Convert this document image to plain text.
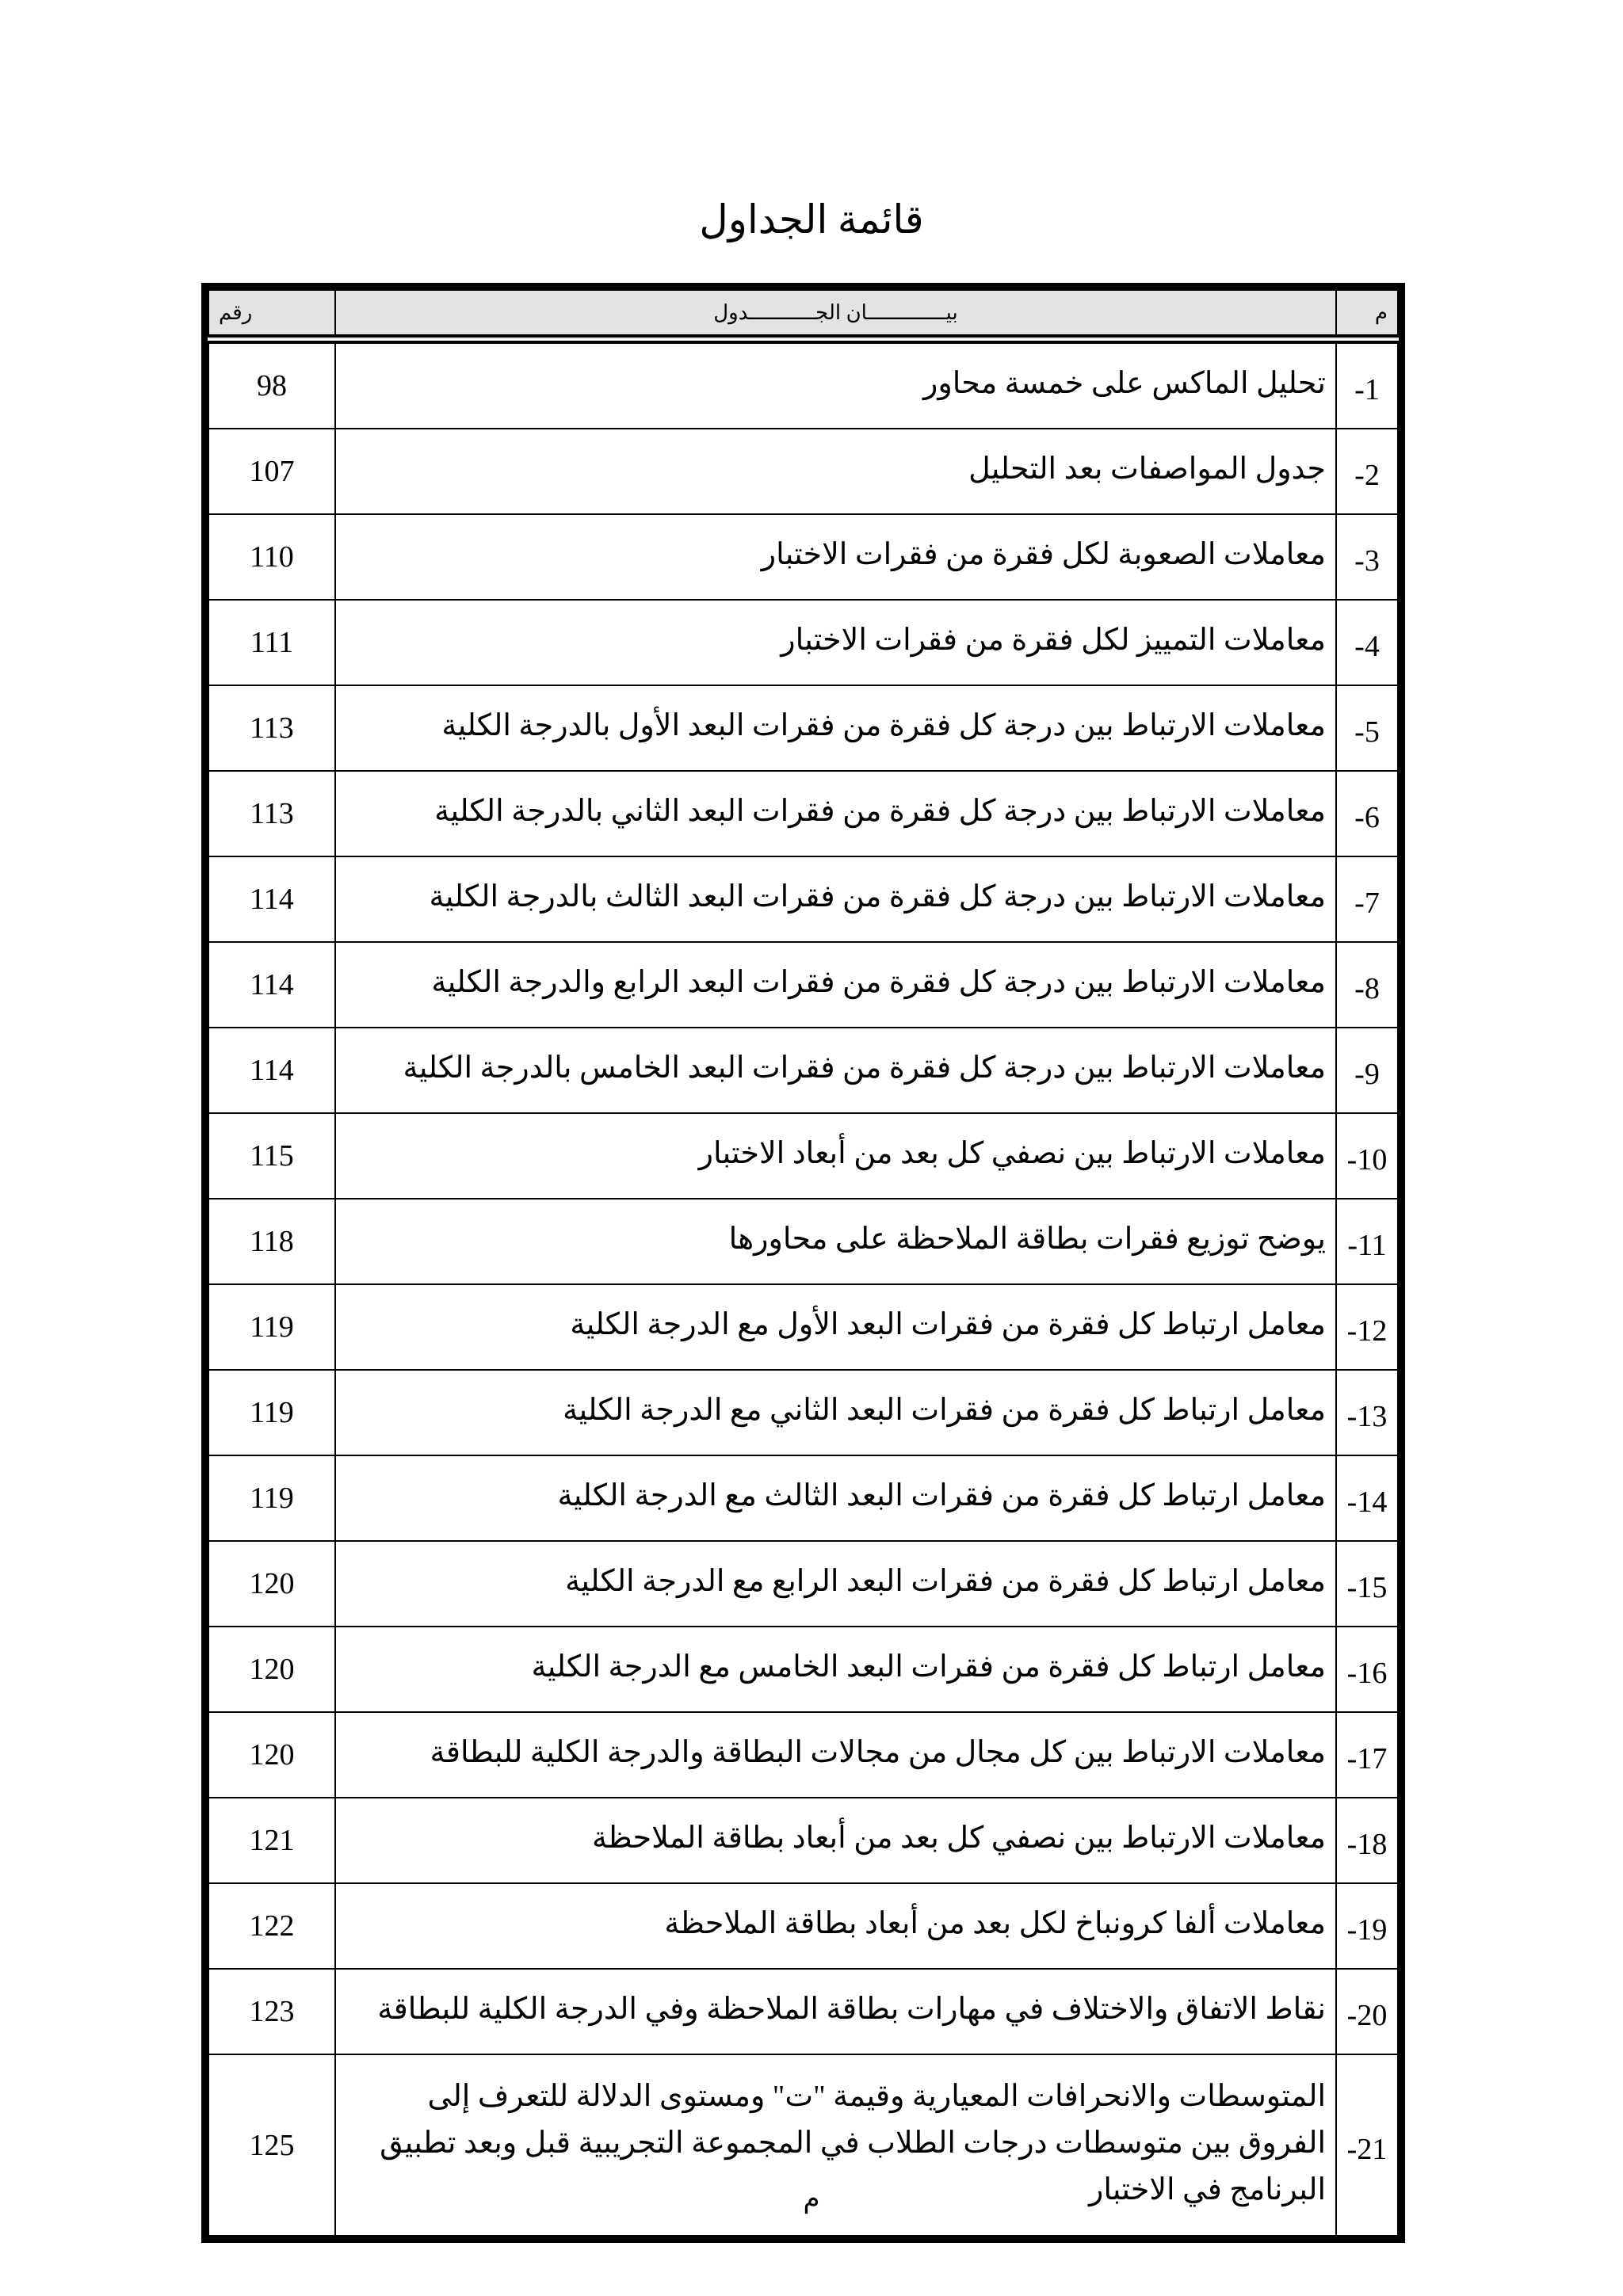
قائمة الجداول
م	بيـــــــــــــان الجـــــــــــدول	رقم
1-	تحليل الماكس على خمسة محاور	98
2-	جدول المواصفات بعد التحليل	107
3-	معاملات الصعوبة لكل فقرة من فقرات الاختبار	110
4-	معاملات التمييز لكل فقرة من فقرات الاختبار	111
5-	معاملات الارتباط بين درجة كل فقرة من فقرات البعد الأول بالدرجة الكلية	113
6-	معاملات الارتباط بين درجة كل فقرة من فقرات البعد الثاني بالدرجة الكلية	113
7-	معاملات الارتباط بين درجة كل فقرة من فقرات البعد الثالث بالدرجة الكلية	114
8-	معاملات الارتباط بين درجة كل فقرة من فقرات البعد الرابع والدرجة الكلية	114
9-	معاملات الارتباط بين درجة كل فقرة من فقرات البعد الخامس بالدرجة الكلية	114
10-	معاملات الارتباط بين نصفي كل بعد من أبعاد الاختبار	115
11-	يوضح توزيع فقرات بطاقة الملاحظة على محاورها	118
12-	معامل ارتباط كل فقرة من فقرات البعد الأول مع الدرجة الكلية	119
13-	معامل ارتباط كل فقرة من فقرات البعد الثاني مع الدرجة الكلية	119
14-	معامل ارتباط كل فقرة من فقرات البعد الثالث مع الدرجة الكلية	119
15-	معامل ارتباط كل فقرة من فقرات البعد الرابع مع الدرجة الكلية	120
16-	معامل ارتباط كل فقرة من فقرات البعد الخامس مع الدرجة الكلية	120
17-	معاملات الارتباط بين كل مجال من مجالات البطاقة والدرجة الكلية للبطاقة	120
18-	معاملات الارتباط بين نصفي كل بعد من أبعاد بطاقة الملاحظة	121
19-	معاملات ألفا كرونباخ لكل بعد من أبعاد بطاقة الملاحظة	122
20-	نقاط الاتفاق والاختلاف في مهارات بطاقة الملاحظة وفي الدرجة الكلية للبطاقة	123
21-	المتوسطات والانحرافات المعيارية وقيمة "ت" ومستوى الدلالة للتعرف إلى الفروق بين متوسطات درجات الطلاب في المجموعة التجريبية قبل وبعد تطبيق البرنامج في الاختبار	125
م
